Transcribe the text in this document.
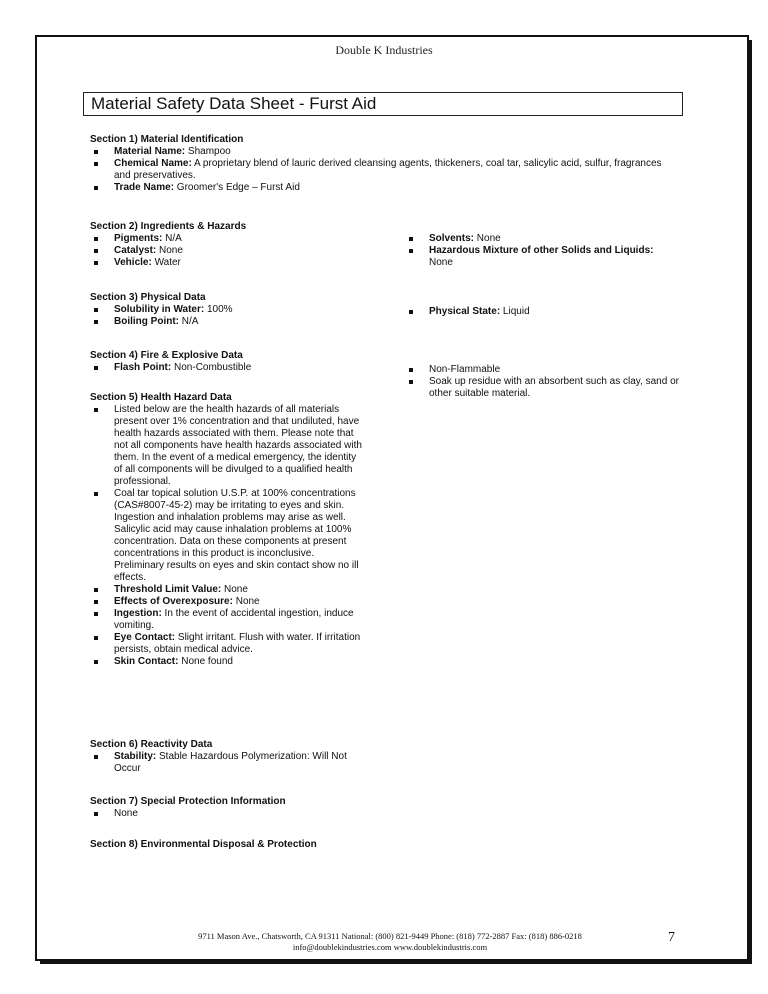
Double K Industries
Material Safety Data Sheet - Furst Aid
Section 1) Material Identification
Material Name: Shampoo
Chemical Name: A proprietary blend of lauric derived cleansing agents, thickeners, coal tar, salicylic acid, sulfur, fragrances and preservatives.
Trade Name: Groomer's Edge – Furst Aid
Section 2) Ingredients & Hazards
Pigments: N/A
Catalyst: None
Vehicle: Water
Solvents: None
Hazardous Mixture of other Solids and Liquids:
None
Section 3) Physical Data
Solubility in Water: 100%
Boiling Point: N/A
Physical State: Liquid
Section 4) Fire & Explosive Data
Flash Point: Non-Combustible	Non-Flammable
Soak up residue with an absorbent such as clay, sand or other suitable material.
Section 5) Health Hazard Data
Listed below are the health hazards of all materials present over 1% concentration and that undiluted, have health hazards associated with them. Please note that not all components have health hazards associated with them. In the event of a medical emergency, the identity of all components will be divulged to a qualified health professional.
Coal tar topical solution U.S.P. at 100% concentrations (CAS#8007-45-2) may be irritating to eyes and skin. Ingestion and inhalation problems may arise as well. Salicylic acid may cause inhalation problems at 100% concentration. Data on these components at present concentrations in this product is inconclusive. Preliminary results on eyes and skin contact show no ill effects.
Threshold Limit Value: None
Effects of Overexposure: None
Ingestion: In the event of accidental ingestion, induce vomiting.
Eye Contact: Slight irritant. Flush with water. If irritation persists, obtain medical advice.
Skin Contact: None found
Section 6) Reactivity Data
Stability: Stable Hazardous Polymerization: Will Not Occur
Section 7) Special Protection Information
None
Section 8) Environmental Disposal & Protection
9711 Mason Ave., Chatsworth, CA 91311 National: (800) 821-9449 Phone: (818) 772-2887 Fax: (818) 886-0218
info@doublekindustries.com www.doublekindustris.com
7
